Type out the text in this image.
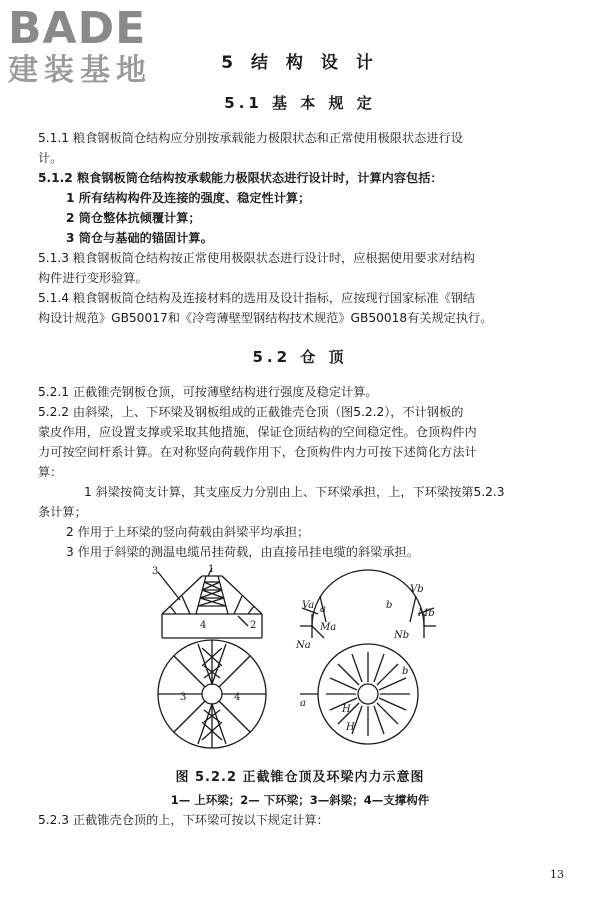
BADE
建装基地	5 结 构 设 计
5.1 基 本 规 定
5.1.1 粮食钢板筒仓结构应分别按承载能力极限状态和正常使用极限状态进行设
计。
5.1.2 粮食钢板筒仓结构按承载能力极限状态进行设计时，计算内容包括：
1 所有结构构件及连接的强度、稳定性计算；
2 筒仓整体抗倾覆计算；
3 筒仓与基础的锚固计算。
5.1.3 粮食钢板筒仓结构按正常使用极限状态进行设计时，应根据使用要求对结构
构件进行变形验算。
5.1.4 粮食钢板筒仓结构及连接材料的选用及设计指标，应按现行国家标准《钢结
构设计规范》GB50017和《冷弯薄壁型钢结构技术规范》GB50018有关规定执行。
5.2 仓 顶
5.2.1 正截锥壳钢板仓顶，可按薄壁结构进行强度及稳定计算。
5.2.2 由斜梁，上、下环梁及钢板组成的正截锥壳仓顶（图5.2.2），不计钢板的
蒙皮作用，应设置支撑或采取其他措施，保证仓顶结构的空间稳定性。仓顶构件内
力可按空间杆系计算。在对称竖向荷载作用下，仓顶构件内力可按下述简化方法计
算：
1 斜梁按简支计算，其支座反力分别由上、下环梁承担，上，下环梁按第5.2.3
条计算；
2 作用于上环梁的竖向荷载由斜梁平均承担；
3 作用于斜梁的测温电缆吊挂荷载，由直接吊挂电缆的斜梁承担。
1
3
4	2
3	4
Va
Vb
Ma
Mb
Na
Nb
a	b
b
a
H
H
图 5.2.2 正截锥仓顶及环梁内力示意图
1— 上环梁；2— 下环梁；3—斜梁；4—支撑构件
5.2.3 正截锥壳仓顶的上，下环梁可按以下规定计算：
13
